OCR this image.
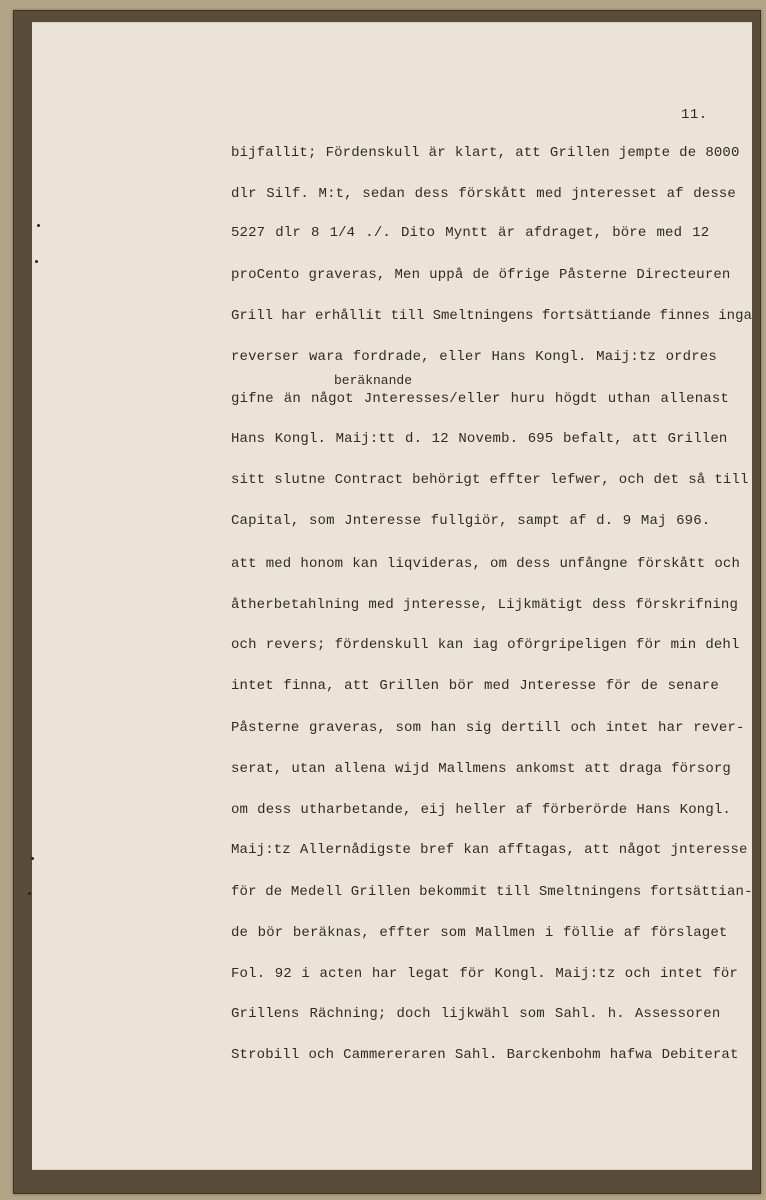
11.
beräknande
bijfallit; Fördenskull är klart, att Grillen jempte de 8000
dlr Silf. M:t, sedan dess förskått med jnteresset af desse
5227 dlr 8 1/4 ./. Dito Myntt är afdraget, böre med 12
proCento graveras, Men uppå de öfrige Påsterne Directeuren
Grill har erhållit till Smeltningens fortsättiande finnes inga
reverser wara fordrade, eller Hans Kongl. Maij:tz ordres
gifne än något Jnteresses/eller huru högdt uthan allenast
Hans Kongl. Maij:tt d. 12 Novemb. 695 befalt, att Grillen
sitt slutne Contract behörigt effter lefwer, och det så till
Capital, som Jnteresse fullgiör, sampt af d. 9 Maj 696.
att med honom kan liqvideras, om dess unfångne förskått och
åtherbetahlning med jnteresse, Lijkmätigt dess förskrifning
och revers; fördenskull kan iag oförgripeligen för min dehl
intet finna, att Grillen bör med Jnteresse för de senare
Påsterne graveras, som han sig dertill och intet har rever-
serat, utan allena wijd Mallmens ankomst att draga försorg
om dess utharbetande, eij heller af förberörde Hans Kongl.
Maij:tz Allernådigste bref kan afftagas, att något jnteresse
för de Medell Grillen bekommit till Smeltningens fortsättian-
de bör beräknas, effter som Mallmen i föllie af förslaget
Fol. 92 i acten har legat för Kongl. Maij:tz och intet för
Grillens Rächning; doch lijkwähl som Sahl. h. Assessoren
Strobill och Cammereraren Sahl. Barckenbohm hafwa Debiterat
